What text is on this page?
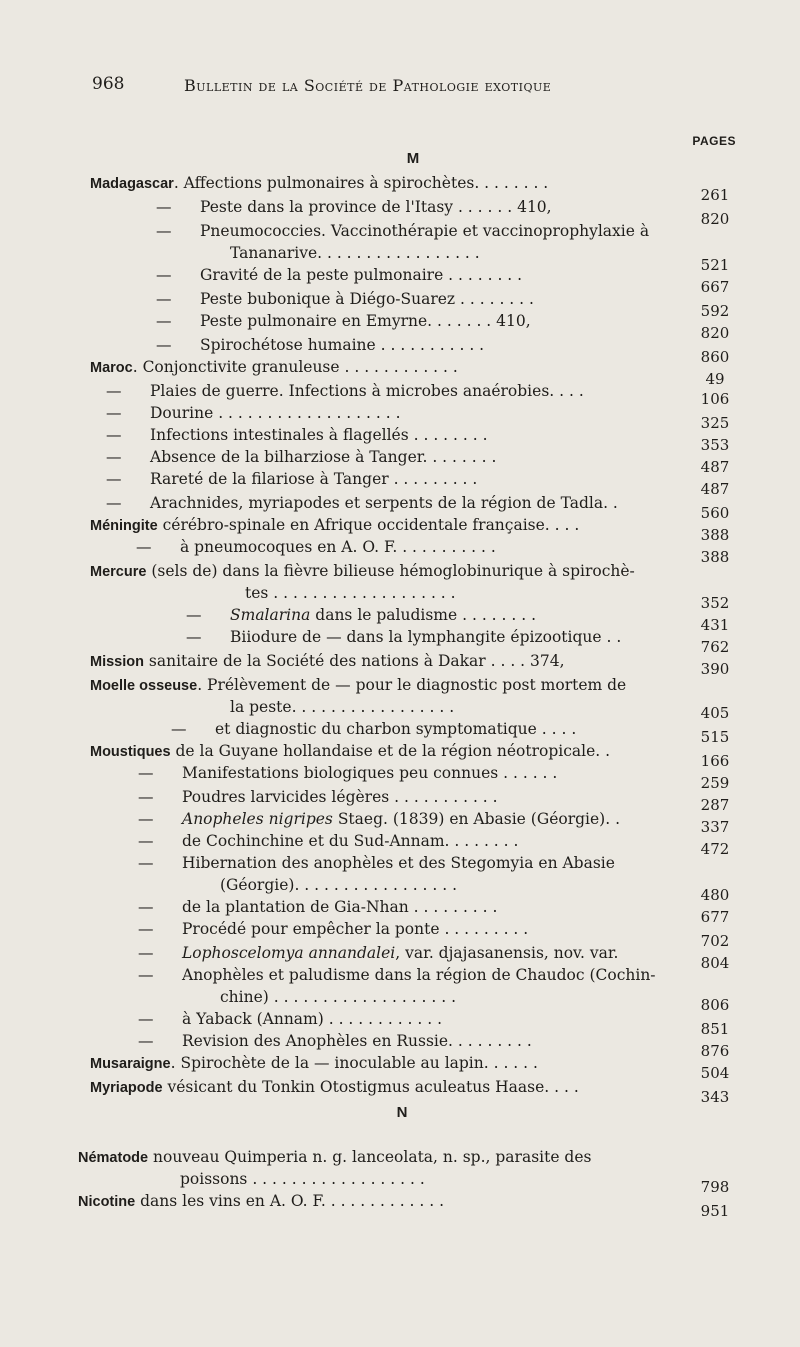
968	Bulletin de la Société de Pathologie exotique
PAGES
M
N
Madagascar. Affections pulmonaires à spirochètes. . . . . . . .
— Peste dans la province de l'Itasy . . . . . . 410,
— Pneumococcies. Vaccinothérapie et vaccinoprophylaxie à
Tananarive. . . . . . . . . . . . . . . . .
— Gravité de la peste pulmonaire . . . . . . . .
— Peste bubonique à Diégo-Suarez . . . . . . . .
— Peste pulmonaire en Emyrne. . . . . . . 410,
— Spirochétose humaine . . . . . . . . . . .
Maroc. Conjonctivite granuleuse . . . . . . . . . . . .
— Plaies de guerre. Infections à microbes anaérobies. . . .
— Dourine . . . . . . . . . . . . . . . . . . .
— Infections intestinales à flagellés . . . . . . . .
— Absence de la bilharziose à Tanger. . . . . . . .
— Rareté de la filariose à Tanger . . . . . . . . .
— Arachnides, myriapodes et serpents de la région de Tadla. .
Méningite cérébro-spinale en Afrique occidentale française. . . .
— à pneumocoques en A. O. F. . . . . . . . . . .
Mercure (sels de) dans la fièvre bilieuse hémoglobinurique à spirochè-
tes . . . . . . . . . . . . . . . . . . .
— Smalarina dans le paludisme . . . . . . . .
— Biiodure de — dans la lymphangite épizootique . .
Mission sanitaire de la Société des nations à Dakar . . . . 374,
Moelle osseuse. Prélèvement de — pour le diagnostic post mortem de
la peste. . . . . . . . . . . . . . . . .
— et diagnostic du charbon symptomatique . . . .
Moustiques de la Guyane hollandaise et de la région néotropicale. .
— Manifestations biologiques peu connues . . . . . .
— Poudres larvicides légères . . . . . . . . . . .
— Anopheles nigripes Staeg. (1839) en Abasie (Géorgie). .
— de Cochinchine et du Sud-Annam. . . . . . . .
— Hibernation des anophèles et des Stegomyia en Abasie
(Géorgie). . . . . . . . . . . . . . . . .
— de la plantation de Gia-Nhan . . . . . . . . .
— Procédé pour empêcher la ponte . . . . . . . . .
— Lophoscelomya annandalei, var. djajasanensis, nov. var.
— Anophèles et paludisme dans la région de Chaudoc (Cochin-
chine) . . . . . . . . . . . . . . . . . . .
— à Yaback (Annam) . . . . . . . . . . . .
— Revision des Anophèles en Russie. . . . . . . . .
Musaraigne. Spirochète de la — inoculable au lapin. . . . . .
Myriapode vésicant du Tonkin Otostigmus aculeatus Haase. . . .
261
820
521
667
592
820
860
49
106
325
353
487
487
560
388
388
352
431
762
390
405
515
166
259
287
337
472
480
677
702
804
806
851
876
504
343
Nématode nouveau Quimperia n. g. lanceolata, n. sp., parasite des
poissons . . . . . . . . . . . . . . . . . .
Nicotine dans les vins en A. O. F. . . . . . . . . . . . .
798
951
